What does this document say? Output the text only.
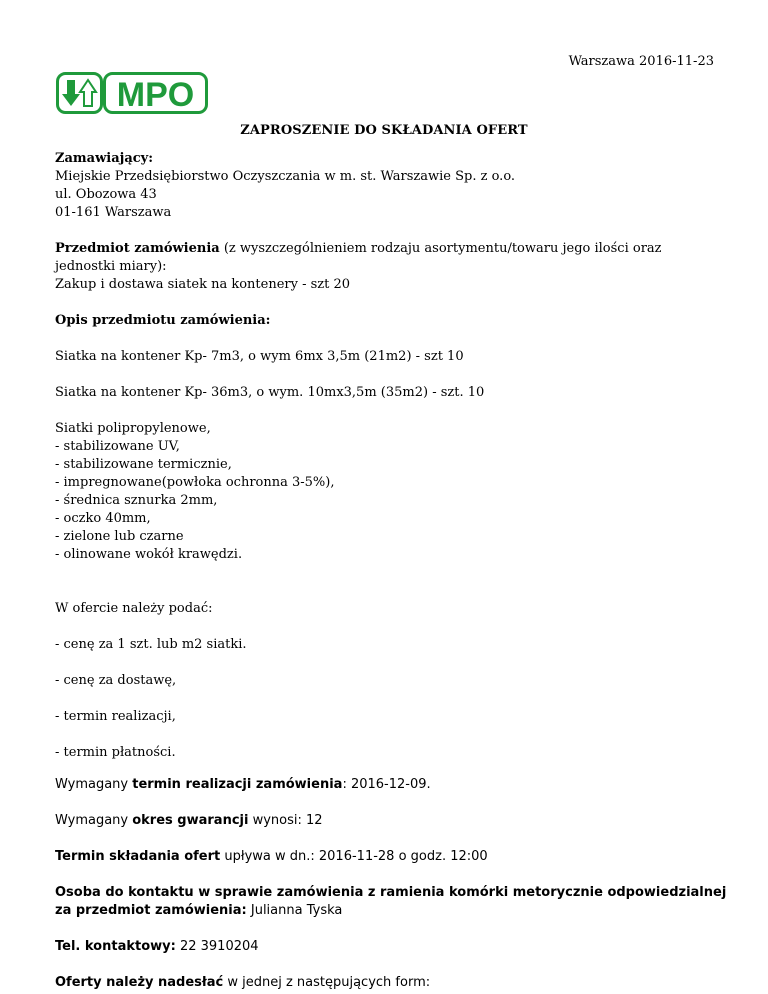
Warszawa 2016-11-23
MPO
ZAPROSZENIE DO SKŁADANIA OFERT

Zamawiający:

Miejskie Przedsiębiorstwo Oczyszczania w m. st. Warszawie Sp. z o.o.

ul. Obozowa 43

01-161 Warszawa

Przedmiot zamówienia (z wyszczególnieniem rodzaju asortymentu/towaru jego ilości oraz

jednostki miary):

Zakup i dostawa siatek na kontenery - szt 20

Opis przedmiotu zamówienia:

Siatka na kontener Kp- 7m3, o wym 6mx 3,5m (21m2) - szt 10

Siatka na kontener Kp- 36m3, o wym. 10mx3,5m (35m2) - szt. 10

Siatki polipropylenowe,

- stabilizowane UV,

- stabilizowane termicznie,

- impregnowane(powłoka ochronna 3-5%),

- średnica sznurka 2mm,

- oczko 40mm,

- zielone lub czarne

- olinowane wokół krawędzi.

W ofercie należy podać:

- cenę za 1 szt. lub m2 siatki.

- cenę za dostawę,

- termin realizacji,

- termin płatności.

Wymagany termin realizacji zamówienia: 2016-12-09.

Wymagany okres gwarancji wynosi: 12

Termin składania ofert upływa w dn.: 2016-11-28 o godz. 12:00

Osoba do kontaktu w sprawie zamówienia z ramienia komórki metorycznie odpowiedzialnej

za przedmiot zamówienia: Julianna Tyska

Tel. kontaktowy: 22 3910204

Oferty należy nadesłać w jednej z następujących form:
